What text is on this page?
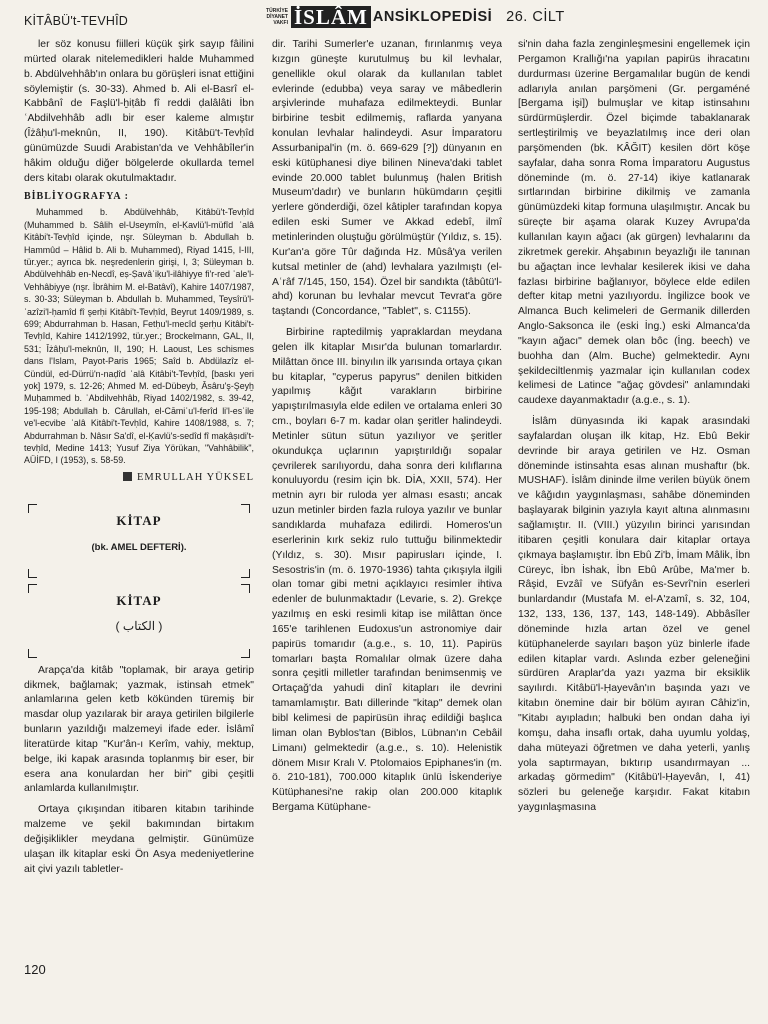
KİTÂBÜ't-TEVHÎD
TÜRKİYE DİYANET VAKFI İSLÂM ANSİKLOPEDİSİ 26. CİLT

ler söz konusu fiilleri küçük şirk sayıp fâilini mürted olarak nitelemedikleri halde Muhammed b. Abdülvehhâb'ın onlara bu görüşleri isnat ettiğini söylemiştir (s. 30-33). Ahmed b. Ali el-Basrî el-Kabbânî de Faşlü'l-ḫiṭâb fî reddi ḍalâlâti İbn ʿAbdilvehhâb adlı bir eser kaleme almıştır (Îżâḥu'l-meknûn, II, 190). Kitâbü't-Tevḥîd günümüzde Suudi Arabistan'da ve Vehhâbîler'in hâkim olduğu diğer bölgelerde okullarda temel ders kitabı olarak okutulmaktadır.

BİBLİYOGRAFYA :

Muhammed b. Abdülvehhâb, Kitâbü't-Tevḥîd (Muhammed b. Sâlih el-Useymîn, el-Ḳavlü'l-müfîd ʿalâ Kitâbi't-Tevḥîd içinde, nşr. Süleyman b. Abdullah b. Hammûd – Hâlid b. Ali b. Muhammed), Riyad 1415, I-III, tür.yer.; ayrıca bk. neşredenlerin girişi, I, 3; Süleyman b. Abdülvehhâb en-Necdî, eṣ-Ṣavâʿiḳu'l-ilâhiyye fi'r-red ʿale'l-Vehhâbiyye (nşr. İbrâhim M. el-Batâvî), Kahire 1407/1987, s. 30-33; Süleyman b. Abdullah b. Muhammed, Teysîrü'l-ʿazîzi'l-ḥamîd fî şerḥi Kitâbi't-Tevḥîd, Beyrut 1409/1989, s. 699; Abdurrahman b. Hasan, Fetḥu'l-mecîd şerḥu Kitâbi't-Tevḥîd, Kahire 1412/1992, tür.yer.; Brockelmann, GAL, II, 531; Îżâḥu'l-meknûn, II, 190; H. Laoust, Les schismes dans l'Islam, Payot-Paris 1965; Saîd b. Abdülazîz el-Cündül, ed-Dürrü'n-naḍîd ʿalâ Kitâbi't-Tevḥîd, [baskı yeri yok] 1979, s. 12-26; Ahmed M. ed-Dübeyb, Âsâru'ş-Şeyḫ Muḥammed b. ʿAbdilvehhâb, Riyad 1402/1982, s. 39-42, 195-198; Abdullah b. Cârullah, el-Cāmiʿu'l-ferîd li'l-esʾile ve'l-ecvibe ʿalâ Kitâbi't-Tevḥîd, Kahire 1408/1988, s. 7; Abdurrahman b. Nâsır Sa'dî, el-Ḳavlü's-sedîd fî maḳâṣıdi't-tevḥîd, Medine 1413; Yusuf Ziya Yörükan, "Vahhâbilik", AÜİFD, I (1953), s. 58-59.

EMRULLAH YÜKSEL
KİTAP
(bk. AMEL DEFTERİ).
KİTAP
( الكتاب )

Arapça'da kitâb "toplamak, bir araya getirip dikmek, bağlamak; yazmak, istinsah etmek" anlamlarına gelen ketb kökünden türemiş bir masdar olup yazılarak bir araya getirilen bilgilerle bunların yazıldığı malzemeyi ifade eder. İslâmî literatürde kitap "Kur'ân-ı Kerîm, vahiy, mektup, belge, iki kapak arasında toplanmış bir eser, bir esera ana konulardan her biri" gibi çeşitli anlamlarda kullanılmıştır.

Ortaya çıkışından itibaren kitabın tarihinde malzeme ve şekil bakımından birtakım değişiklikler meydana gelmiştir. Günümüze ulaşan ilk kitaplar eski Ön Asya medeniyetlerine ait çivi yazılı tabletler-

dir. Tarihi Sumerler'e uzanan, fırınlanmış veya kızgın güneşte kurutulmuş bu kil levhalar, genellikle okul olarak da kullanılan tablet evlerinde (edubba) veya saray ve mâbedlerin arşivlerinde muhafaza edilmekteydi. Bunlar birbirine tesbit edilmemiş, raflarda yanyana konulan levhalar halindeydi. Asur İmparatoru Assurbanipal'in (m. ö. 669-629 [?]) dünyanın en eski kütüphanesi diye bilinen Nineva'daki tablet evinde 20.000 tablet bulunmuş (halen British Museum'dadır) ve bunların hükümdarın çeşitli yerlere gönderdiği, özel kâtipler tarafından kopya edilen eski Sumer ve Akkad edebî, ilmî metinlerinden oluştuğu görülmüştür (Yıldız, s. 15). Kur'an'a göre Tûr dağında Hz. Mûsâ'ya verilen kutsal metinler de (ahd) levhalara yazılmıştı (el-Aʿrâf 7/145, 150, 154). Özel bir sandıkta (tâbûtü'l-ahd) korunan bu levhalar mevcut Tevrat'a göre taştandı (Concordance, "Tablet", s. C1155).

Birbirine raptedilmiş yapraklardan meydana gelen ilk kitaplar Mısır'da bulunan tomarlardır. Milâttan önce III. binyılın ilk yarısında ortaya çıkan bu kitaplar, "cyperus papyrus" denilen bitkiden yapılmış kâğıt varakların birbirine yapıştırılmasıyla elde edilen ve ortalama enleri 30 cm., boyları 6-7 m. kadar olan şeritler halindeydi. Metinler sütun sütun yazılıyor ve şeritler okundukça uçlarının yapıştırıldığı sopalar çevrilerek sarılıyordu, daha sonra deri kılıflarına konuluyordu (resim için bk. DİA, XXII, 574). Her metnin ayrı bir ruloda yer alması esastı; ancak uzun metinler birden fazla ruloya yazılır ve bunlar sandıklarda muhafaza edilirdi. Homeros'un eserlerinin kırk sekiz rulo tuttuğu bilinmektedir (Yıldız, s. 30). Mısır papirusları içinde, I. Sesostris'in (m. ö. 1970-1936) tahta çıkışıyla ilgili olan tomar gibi metni açıklayıcı resimler ihtiva edenler de bulunmaktadır (Levarie, s. 2). Grekçe yazılmış en eski resimli kitap ise milâttan önce 165'e tarihlenen Eudoxus'un astronomiye dair papirüs tomarıdır (a.g.e., s. 10, 11). Papirüs tomarları başta Romalılar olmak üzere daha sonra çeşitli milletler tarafından benimsenmiş ve Ortaçağ'da yahudi dinî kitapları ile devrini tamamlamıştır. Batı dillerinde "kitap" demek olan bibl kelimesi de papirüsün ihraç edildiği başlıca liman olan Byblos'tan (Biblos, Lübnan'ın Cebâil Limanı) gelmektedir (a.g.e., s. 10). Helenistik dönem Mısır Kralı V. Ptolomaios Epiphanes'in (m. ö. 210-181), 700.000 kitaplık ünlü İskenderiye Kütüphanesi'ne rakip olan 200.000 kitaplık Bergama Kütüphane-

si'nin daha fazla zenginleşmesini engellemek için Pergamon Krallığı'na yapılan papirüs ihracatını durdurması üzerine Bergamalılar bugün de kendi adlarıyla anılan parşömeni (Gr. pergaméné [Bergama işi]) bulmuşlar ve kitap istinsahını sürdürmüşlerdir. Özel biçimde tabaklanarak sertleştirilmiş ve beyazlatılmış ince deri olan parşömenden (bk. KÂĞIT) kesilen dört köşe sayfalar, daha sonra Roma İmparatoru Augustus döneminde (m. ö. 27-14) ikiye katlanarak sırtlarından birbirine dikilmiş ve zamanla günümüzdeki kitap formuna ulaşılmıştır. Ancak bu süreçte bir aşama olarak Kuzey Avrupa'da kullanılan kayın ağacı (ak gürgen) levhalarını da zikretmek gerekir. Ahşabının beyazlığı ile tanınan bu ağaçtan ince levhalar kesilerek ikisi ve daha fazlası birbirine bağlanıyor, böylece elde edilen defter kitap metni yazılıyordu. İngilizce book ve Almanca Buch kelimeleri de Germanik dillerden Anglo-Saksonca ile (eski İng.) eski Almanca'da "kayın ağacı" demek olan bôc (İng. beech) ve buohha dan (Alm. Buche) gelmektedir. Aynı şekildeciltlenmiş yazmalar için kullanılan codex kelimesi de Latince "ağaç gövdesi" anlamındaki caudexe dayanmaktadır (a.g.e., s. 1).

İslâm dünyasında iki kapak arasındaki sayfalardan oluşan ilk kitap, Hz. Ebû Bekir devrinde bir araya getirilen ve Hz. Osman döneminde istinsahta esas alınan mushaftır (bk. MUSHAF). İslâm dininde ilme verilen büyük önem ve kâğıdın yaygınlaşması, sahâbe döneminden başlayarak bilginin yazıyla kayıt altına alınmasını sağlamıştır. II. (VIII.) yüzyılın birinci yarısından itibaren çeşitli konulara dair kitaplar ortaya çıkmaya başlamıştır. İbn Ebû Zi'b, İmam Mâlik, İbn Cüreyc, İbn İshak, İbn Ebû Arûbe, Ma'mer b. Râşid, Evzâî ve Süfyân es-Sevrî'nin eserleri bunlardandır (Mustafa M. el-A'zamî, s. 32, 104, 132, 133, 136, 137, 143, 148-149). Abbâsîler döneminde hızla artan özel ve genel kütüphanelerde sayıları başon yüz binlerle ifade edilen kitaplar vardı. Aslında ezber geleneğini sürdüren Araplar'da yazı yazma bir eksiklik sayılırdı. Kitâbü'l-Ḥayevân'ın başında yazı ve kitabın önemine dair bir bölüm ayıran Câhiz'in, "Kitabı ayıpladın; halbuki ben ondan daha iyi komşu, daha insaflı ortak, daha uyumlu yoldaş, daha müteyazi öğretmen ve daha yeterli, yanlış yola saptırmayan, bıktırıp usandırmayan ... arkadaş görmedim" (Kitâbü'l-Ḥayevân, I, 41) sözleri bu geleneğe karşıdır. Fakat kitabın yaygınlaşmasına

120
